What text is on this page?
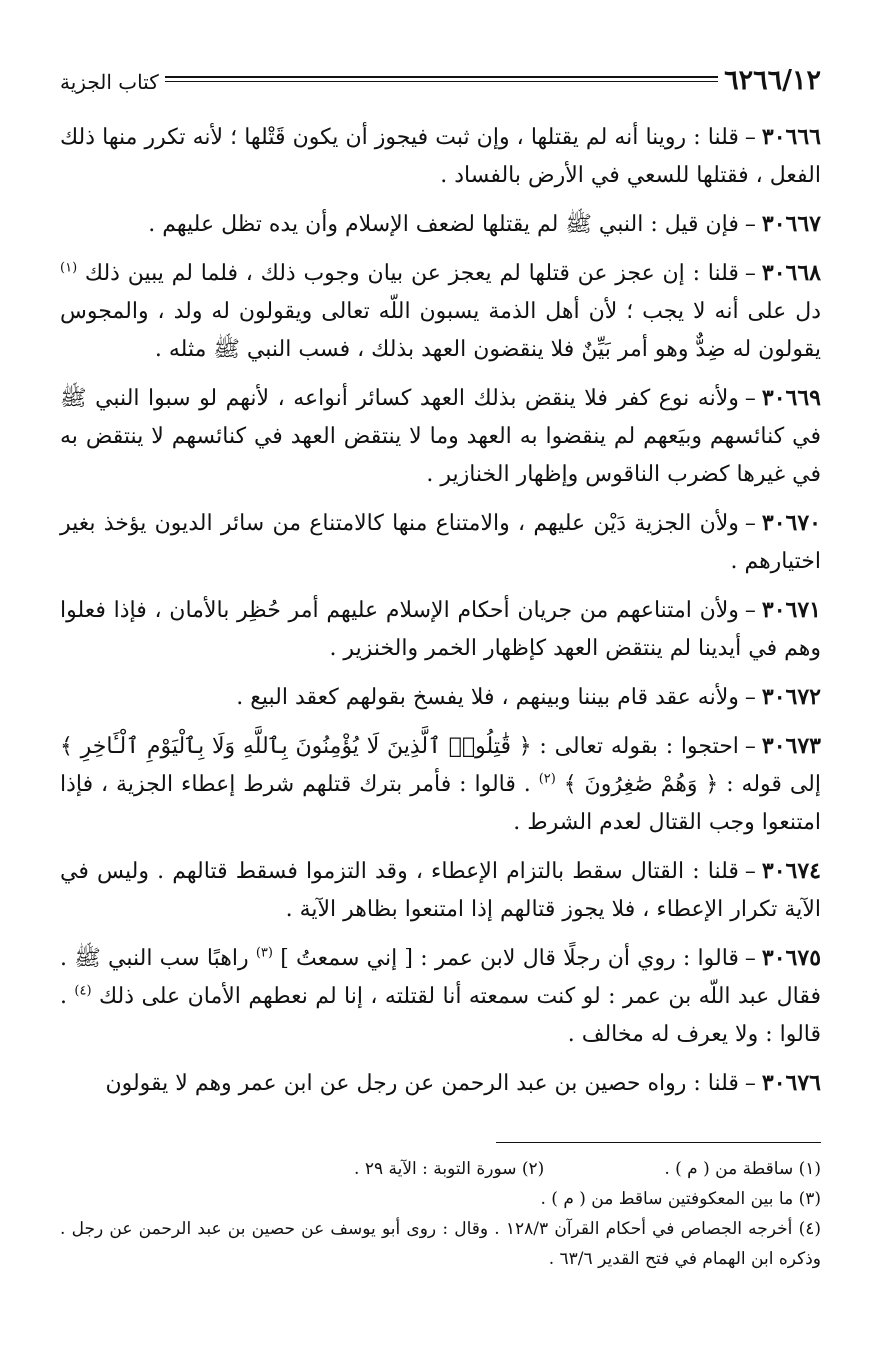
٦٢٦٦/١٢
كتاب الجزية

٣٠٦٦٦–قلنا : روينا أنه لم يقتلها ، وإن ثبت فيجوز أن يكون قَتْلها ؛ لأنه تكرر منها ذلك الفعل ، فقتلها للسعي في الأرض بالفساد .

٣٠٦٦٧–فإن قيل : النبي ﷺ لم يقتلها لضعف الإسلام وأن يده تظل عليهم .

٣٠٦٦٨–قلنا : إن عجز عن قتلها لم يعجز عن بيان وجوب ذلك ، فلما لم يبين ذلك $^{(١)}$ دل على أنه لا يجب ؛ لأن أهل الذمة يسبون اللّه تعالى ويقولون له ولد ، والمجوس يقولون له ضِدٌّ وهو أمر بَيِّنٌ فلا ينقضون العهد بذلك ، فسب النبي ﷺ مثله .

٣٠٦٦٩–ولأنه نوع كفر فلا ينقض بذلك العهد كسائر أنواعه ، لأنهم لو سبوا النبي ﷺ في كنائسهم وبيَعهم لم ينقضوا به العهد وما لا ينتقض العهد في كنائسهم لا ينتقض به في غيرها كضرب الناقوس وإظهار الخنازير .

٣٠٦٧٠–ولأن الجزية دَيْن عليهم ، والامتناع منها كالامتناع من سائر الديون يؤخذ بغير اختيارهم .

٣٠٦٧١–ولأن امتناعهم من جريان أحكام الإسلام عليهم أمر حُظِر بالأمان ، فإذا فعلوا وهم في أيدينا لم ينتقض العهد كإظهار الخمر والخنزير .

٣٠٦٧٢–ولأنه عقد قام بيننا وبينهم ، فلا يفسخ بقولهم كعقد البيع .

٣٠٦٧٣–احتجوا : بقوله تعالى : ﴿ قَٰتِلُوا۟ ٱلَّذِينَ لَا يُؤْمِنُونَ بِٱللَّهِ وَلَا بِٱلْيَوْمِ ٱلْـَٔاخِرِ ﴾ إلى قوله : ﴿ وَهُمْ صَٰغِرُونَ ﴾ $^{(٢)}$ . قالوا : فأمر بترك قتلهم شرط إعطاء الجزية ، فإذا امتنعوا وجب القتال لعدم الشرط .

٣٠٦٧٤–قلنا : القتال سقط بالتزام الإعطاء ، وقد التزموا فسقط قتالهم . وليس في الآية تكرار الإعطاء ، فلا يجوز قتالهم إذا امتنعوا بظاهر الآية .

٣٠٦٧٥–قالوا : روي أن رجلًا قال لابن عمر : [ إني سمعتُ ] $^{(٣)}$ راهبًا سب النبي ﷺ . فقال عبد اللّه بن عمر : لو كنت سمعته أنا لقتلته ، إنا لم نعطهم الأمان على ذلك $^{(٤)}$ . قالوا : ولا يعرف له مخالف .

٣٠٦٧٦–قلنا : رواه حصين بن عبد الرحمن عن رجل عن ابن عمر وهم لا يقولون

(١) ساقطة من ( م ) .
(٢) سورة التوبة : الآية ٢٩ .
(٣) ما بين المعكوفتين ساقط من ( م ) .
(٤) أخرجه الجصاص في أحكام القرآن ١٢٨/٣ . وقال : روى أبو يوسف عن حصين بن عبد الرحمن عن رجل . وذكره ابن الهمام في فتح القدير ٦٣/٦ .
